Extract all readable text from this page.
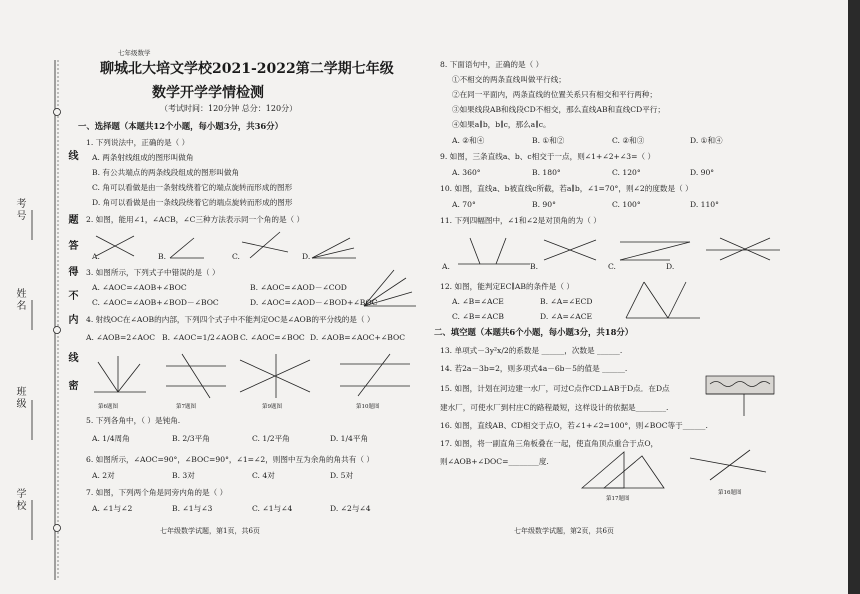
考号
姓名
班级
学校
线
题
答
得
不
内
线
密
七年级数学
聊城北大培文学校2021-2022第二学期七年级
数学开学学情检测
（考试时间：120分钟 总分：120分）
一、选择题（本题共12个小题，每小题3分，共36分）
1. 下列说法中，正确的是（ ）
A. 两条射线组成的图形叫做角
B. 有公共端点的两条线段组成的图形叫做角
C. 角可以看做是由一条射线绕着它的端点旋转而形成的图形
D. 角可以看做是由一条线段绕着它的端点旋转而形成的图形
2. 如图，能用∠1，∠ACB，∠C三种方法表示同一个角的是（ ）
A.	B.	C.	D.
3. 如图所示，下列式子中错误的是（ ）
A. ∠AOC=∠AOB+∠BOC	B. ∠AOC=∠AOD－∠COD
C. ∠AOC=∠AOB+∠BOD－∠BOC	D. ∠AOC=∠AOD－∠BOD+∠BOC
4. 射线OC在∠AOB的内部，下列四个式子中不能判定OC是∠AOB的平分线的是（ ）
A. ∠AOB=2∠AOC B. ∠AOC=1/2∠AOB C. ∠AOC=∠BOC D. ∠AOB=∠AOC+∠BOC
第6题图	第7题图	第9题图	第10题图
5. 下列各角中，（ ）是钝角.
A. 1/4周角	B. 2/3平角	C. 1/2平角	D. 1/4平角
6. 如图所示，∠AOC=90°，∠BOC=90°，∠1=∠2，则图中互为余角的角共有（ ）
A. 2对	B. 3对	C. 4对	D. 5对
7. 如图，下列两个角是同旁内角的是（ ）
A. ∠1与∠2	B. ∠1与∠3	C. ∠1与∠4	D. ∠2与∠4
七年级数学试题，第1页，共6页
8. 下面语句中，正确的是（ ）
①不相交的两条直线叫做平行线；
②在同一平面内，两条直线的位置关系只有相交和平行两种；
③如果线段AB和线段CD不相交，那么直线AB和直线CD平行；
④如果a∥b，b∥c，那么a∥c。
A. ②和④	B. ①和②	C. ②和③	D. ①和④
9. 如图，三条直线a、b、c相交于一点，则∠1+∠2+∠3=（ ）
A. 360°	B. 180°	C. 120°	D. 90°
10. 如图，直线a、b被直线c所截，若a∥b，∠1=70°，则∠2的度数是（ ）
A. 70°	B. 90°	C. 100°	D. 110°
11. 下列四幅图中，∠1和∠2是对顶角的为（ ）
A.	B.	C.	D.
12. 如图，能判定EC∥AB的条件是（ ）
A. ∠B=∠ACE	B. ∠A=∠ECD
C. ∠B=∠ACB	D. ∠A=∠ACE
二、填空题（本题共6个小题，每小题3分，共18分）
13. 单项式－3y²x/2的系数是 ______，次数是 ______.
14. 若2a－3b=2，则多项式4a－6b－5的值是 ______.
15. 如图，计划在河边建一水厂，可过C点作CD⊥AB于D点．在D点
建水厂，可使水厂到村庄C的路程最短，这样设计的依据是________.
16. 如图，直线AB、CD相交于点O，若∠1+∠2=100°，则∠BOC等于______.
17. 如图，将一副直角三角板叠在一起，使直角顶点重合于点O，
则∠AOB+∠DOC=________度.
第17题图
第16题图
七年级数学试题，第2页，共6页
